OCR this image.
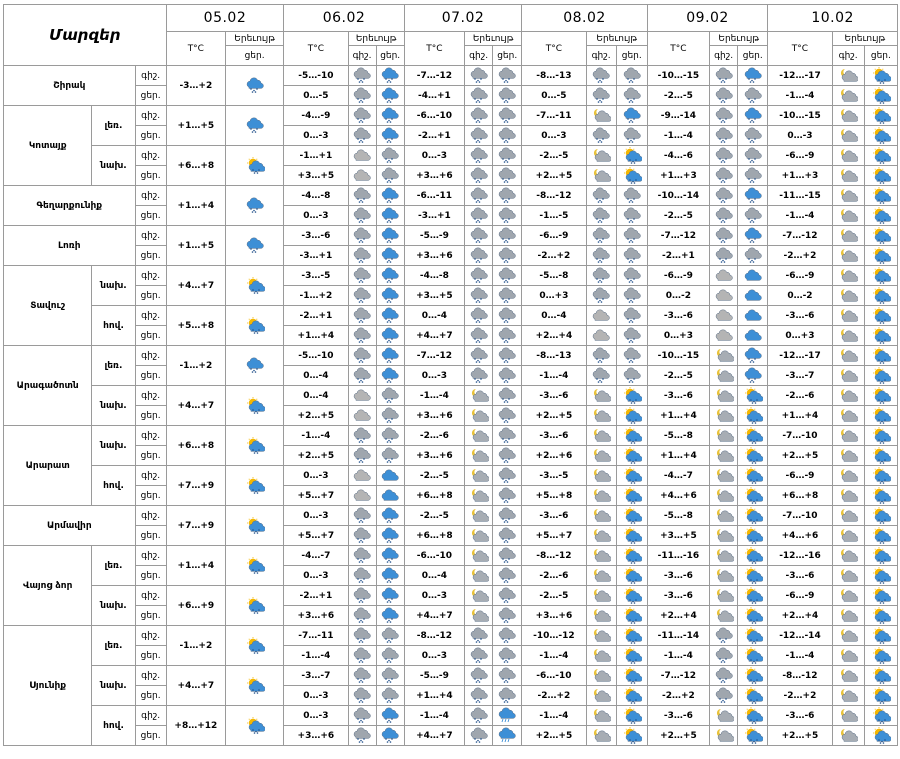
Մարզեր			05.02		06.02			07.02			08.02			09.02			10.02		
			T°C	Երեւույթ	T°C	Երեւույթ		T°C	Երեւույթ		T°C	Երեւույթ		T°C	Երեւույթ		T°C	Երեւույթ	
				ցեր.		գիշ.	ցեր.		գիշ.	ցեր.		գիշ.	ցեր.		գիշ.	ցեր.		գիշ.	ցեր.
Շիրակ		գիշ.	-3…+2		-5…-10			-7…-12			-8…-13			-10…-15			-12…-17	

		ցեր.			0…-5			-4…+1			0…-5			-2…-5			-1…-4	

Կոտայք	լեռ.	գիշ.	+1…+5		-4…-9			-6…-10			-7…-11			-9…-14			-10…-15	

		ցեր.			0…-3			-2…+1			0…-3			-1…-4			0…-3	

	նախ.	գիշ.	+6…+8		-1…+1			0…-3			-2…-5			-4…-6			-6…-9	

		ցեր.			+3…+5			+3…+6			+2…+5			+1…+3			+1…+3	

Գեղարքունիք		գիշ.	+1…+4		-4…-8			-6…-11			-8…-12			-10…-14			-11…-15	

		ցեր.			0…-3			-3…+1			-1…-5			-2…-5			-1…-4	

Լոռի		գիշ.	+1…+5		-3…-6			-5…-9			-6…-9			-7…-12			-7…-12	

		ցեր.			-3…+1			+3…+6			-2…+2			-2…+1			-2…+2	

Տավուշ	նախ.	գիշ.	+4…+7		-3…-5			-4…-8			-5…-8			-6…-9			-6…-9	

		ցեր.			-1…+2			+3…+5			0…+3			0…-2			0…-2	

	հով.	գիշ.	+5…+8		-2…+1			0…-4			0…-4			-3…-6			-3…-6	

		ցեր.			+1…+4			+4…+7			+2…+4			0…+3			0…+3	

Արագածոտն	լեռ.	գիշ.	-1…+2		-5…-10			-7…-12			-8…-13			-10…-15			-12…-17	

		ցեր.			0…-4			0…-3			-1…-4			-2…-5			-3…-7	

	նախ.	գիշ.	+4…+7		0…-4			-1…-4			-3…-6			-3…-6			-2…-6	

		ցեր.			+2…+5			+3…+6			+2…+5			+1…+4			+1…+4	

Արարատ	նախ.	գիշ.	+6…+8		-1…-4			-2…-6			-3…-6			-5…-8			-7…-10	

		ցեր.			+2…+5			+3…+6			+2…+6			+1…+4			+2…+5	

	հով.	գիշ.	+7…+9		0…-3			-2…-5			-3…-5			-4…-7			-6…-9	

		ցեր.			+5…+7			+6…+8			+5…+8			+4…+6			+6…+8	

Արմավիր		գիշ.	+7…+9		0…-3			-2…-5			-3…-6			-5…-8			-7…-10	

		ցեր.			+5…+7			+6…+8			+5…+7			+3…+5			+4…+6	

Վայոց ձոր	լեռ.	գիշ.	+1…+4		-4…-7			-6…-10			-8…-12			-11…-16			-12…-16	

		ցեր.			0…-3			0…-4			-2…-6			-3…-6			-3…-6	

	նախ.	գիշ.	+6…+9		-2…+1			0…-3			-2…-5			-3…-6			-6…-9	

		ցեր.			+3…+6			+4…+7			+3…+6			+2…+4			+2…+4	

Սյունիք	լեռ.	գիշ.	-1…+2		-7…-11			-8…-12			-10…-12			-11…-14			-12…-14	

		ցեր.			-1…-4			0…-3			-1…-4			-1…-4			-1…-4	

	նախ.	գիշ.	+4…+7		-3…-7			-5…-9			-6…-10			-7…-12			-8…-12	

		ցեր.			0…-3			+1…+4			-2…+2			-2…+2			-2…+2	

	հով.	գիշ.	+8…+12		0…-3			-1…-4			-1…-4			-3…-6			-3…-6	

		ցեր.			+3…+6			+4…+7			+2…+5			+2…+5			+2…+5	
